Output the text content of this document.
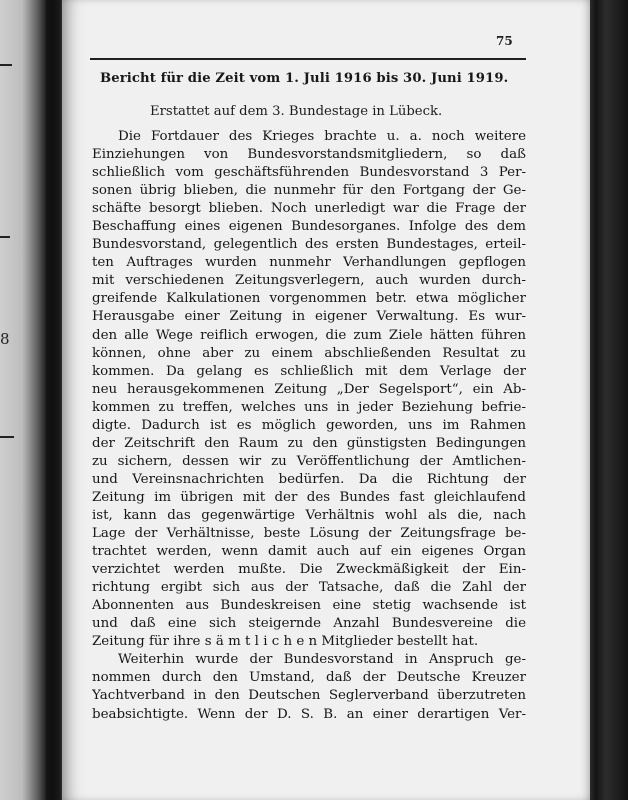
8
75
Bericht für die Zeit vom 1. Juli 1916 bis 30. Juni 1919.
Erstattet auf dem 3. Bundestage in Lübeck.
Die Fortdauer des Krieges brachte u. a. noch weitere
Einziehungen von Bundesvorstandsmitgliedern, so daß
schließlich vom geschäftsführenden Bundesvorstand 3 Per-
sonen übrig blieben, die nunmehr für den Fortgang der Ge-
schäfte besorgt blieben. Noch unerledigt war die Frage der
Beschaffung eines eigenen Bundesorganes. Infolge des dem
Bundesvorstand, gelegentlich des ersten Bundestages, erteil-
ten Auftrages wurden nunmehr Verhandlungen gepflogen
mit verschiedenen Zeitungsverlegern, auch wurden durch-
greifende Kalkulationen vorgenommen betr. etwa möglicher
Herausgabe einer Zeitung in eigener Verwaltung. Es wur-
den alle Wege reiflich erwogen, die zum Ziele hätten führen
können, ohne aber zu einem abschließenden Resultat zu
kommen. Da gelang es schließlich mit dem Verlage der
neu herausgekommenen Zeitung „Der Segelsport“, ein Ab-
kommen zu treffen, welches uns in jeder Beziehung befrie-
digte. Dadurch ist es möglich geworden, uns im Rahmen
der Zeitschrift den Raum zu den günstigsten Bedingungen
zu sichern, dessen wir zu Veröffentlichung der Amtlichen-
und Vereinsnachrichten bedürfen. Da die Richtung der
Zeitung im übrigen mit der des Bundes fast gleichlaufend
ist, kann das gegenwärtige Verhältnis wohl als die, nach
Lage der Verhältnisse, beste Lösung der Zeitungsfrage be-
trachtet werden, wenn damit auch auf ein eigenes Organ
verzichtet werden mußte. Die Zweckmäßigkeit der Ein-
richtung ergibt sich aus der Tatsache, daß die Zahl der
Abonnenten aus Bundeskreisen eine stetig wachsende ist
und daß eine sich steigernde Anzahl Bundesvereine die
Zeitung für ihre s ä m t l i c h e n Mitglieder bestellt hat.
Weiterhin wurde der Bundesvorstand in Anspruch ge-
nommen durch den Umstand, daß der Deutsche Kreuzer
Yachtverband in den Deutschen Seglerverband überzutreten
beabsichtigte. Wenn der D. S. B. an einer derartigen Ver-
